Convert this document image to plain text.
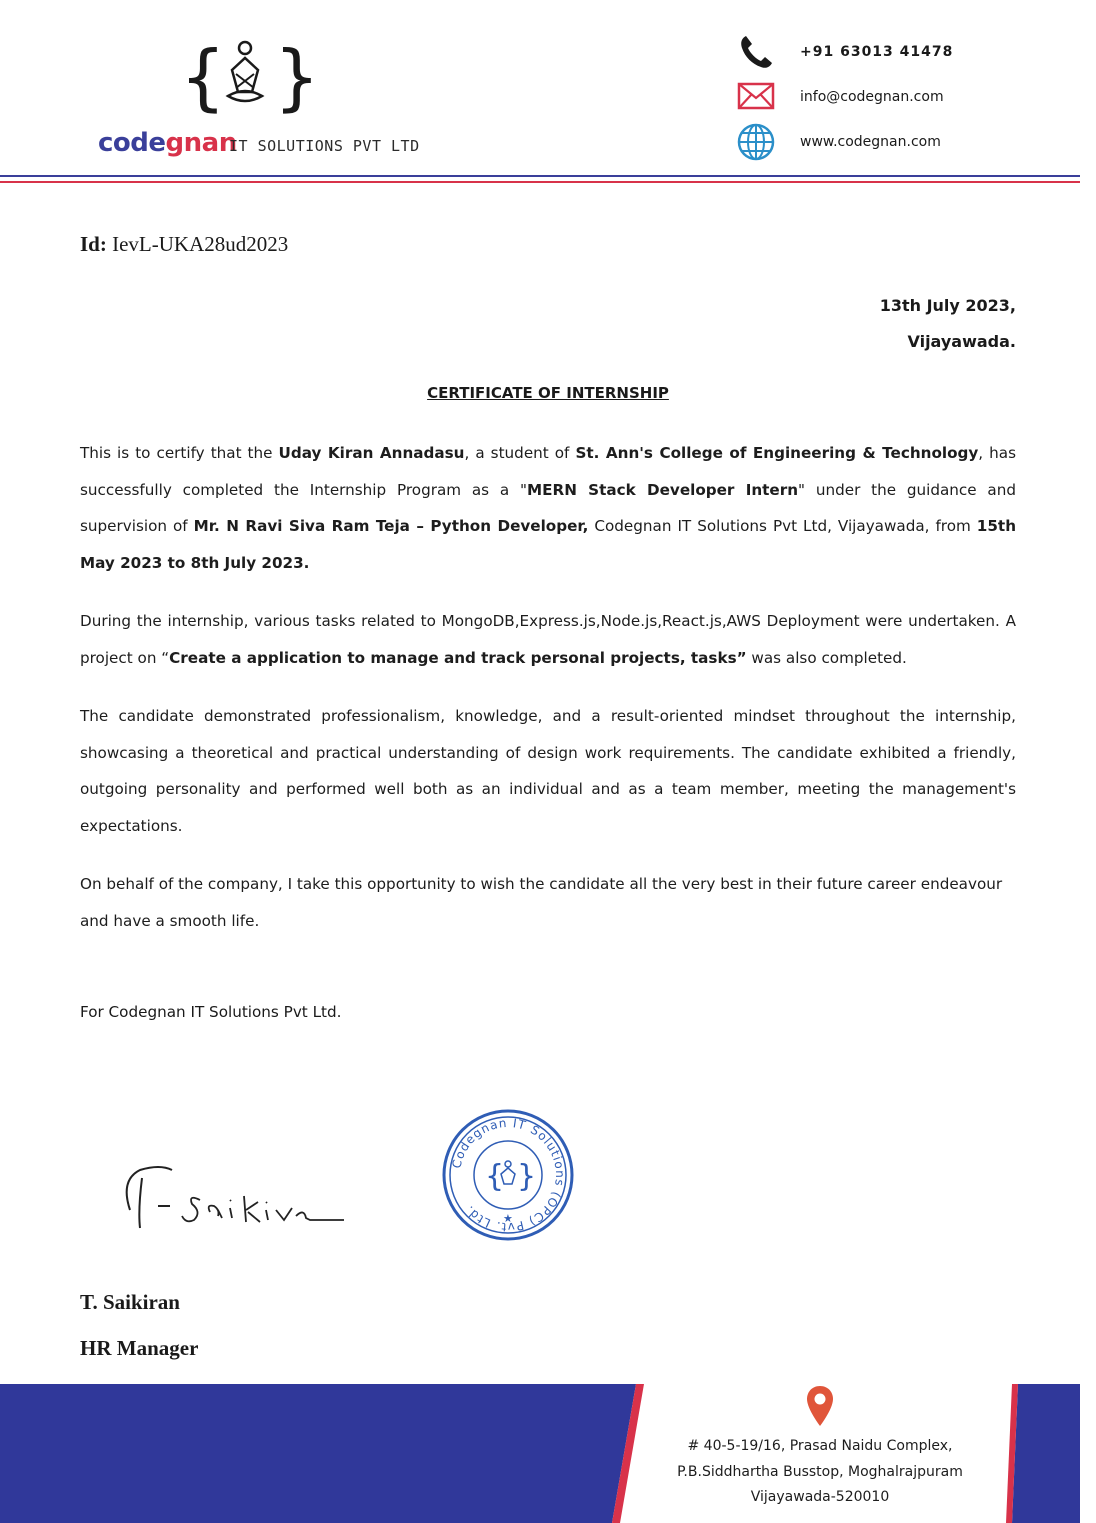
{ }
codegnan
IT SOLUTIONS PVT LTD
+91 63013 41478
info@codegnan.com
www.codegnan.com
Id: IevL-UKA28ud2023
13th July 2023,
Vijayawada.
CERTIFICATE OF INTERNSHIP
This is to certify that the Uday Kiran Annadasu, a student of St. Ann's College of Engineering & Technology, has successfully completed the Internship Program as a "MERN Stack Developer Intern" under the guidance and supervision of Mr. N Ravi Siva Ram Teja – Python Developer, Codegnan IT Solutions Pvt Ltd, Vijayawada, from 15th May 2023 to 8th July 2023.
During the internship, various tasks related to MongoDB,Express.js,Node.js,React.js,AWS Deployment were undertaken. A project on “Create a application to manage and track personal projects, tasks” was also completed.
The candidate demonstrated professionalism, knowledge, and a result-oriented mindset throughout the internship, showcasing a theoretical and practical understanding of design work requirements. The candidate exhibited a friendly, outgoing personality and performed well both as an individual and as a team member, meeting the management's expectations.
On behalf of the company, I take this opportunity to wish the candidate all the very best in their future career endeavour and have a smooth life.
For Codegnan IT Solutions Pvt Ltd.
Codegnan IT Solutions (OPC) Pvt. Ltd.
{ }
★
T. Saikiran
HR Manager
# 40-5-19/16, Prasad Naidu Complex,
P.B.Siddhartha Busstop, Moghalrajpuram
Vijayawada-520010
